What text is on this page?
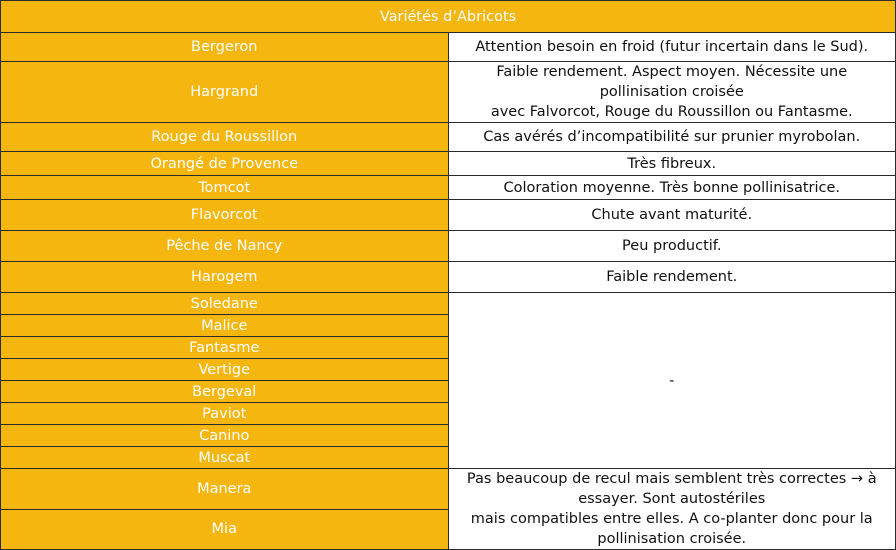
Variétés d’Abricots	
Bergeron	Attention besoin en froid (futur incertain dans le Sud).
Hargrand	Faible rendement. Aspect moyen. Nécessite une pollinisation croisée
avec Falvorcot, Rouge du Roussillon ou Fantasme.
Rouge du Roussillon	Cas avérés d’incompatibilité sur prunier myrobolan.
Orangé de Provence	Très fibreux.
Tomcot	Coloration moyenne. Très bonne pollinisatrice.
Flavorcot	Chute avant maturité.
Pêche de Nancy	Peu productif.
Harogem	Faible rendement.
Soledane	-
Malice	
Fantasme	
Vertige	
Bergeval	
Paviot	
Canino	
Muscat	
Manera	Pas beaucoup de recul mais semblent très correctes → à essayer. Sont autostériles
mais compatibles entre elles. A co-planter donc pour la pollinisation croisée.
Mia	
